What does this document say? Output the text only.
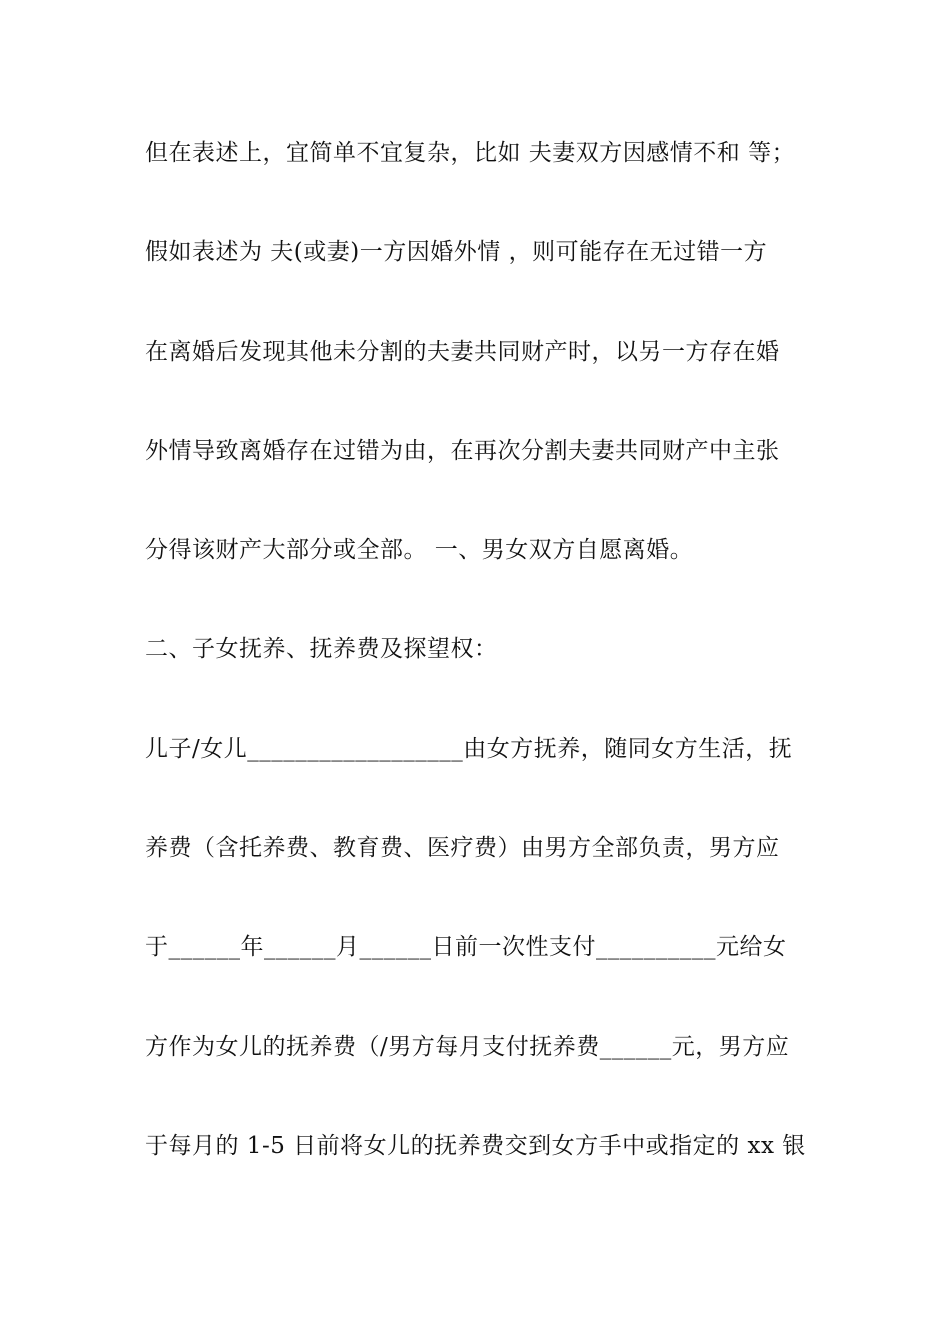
但在表述上，宜简单不宜复杂，比如 夫妻双方因感情不和 等；
假如表述为 夫(或妻)一方因婚外情 ，则可能存在无过错一方
在离婚后发现其他未分割的夫妻共同财产时，以另一方存在婚
外情导致离婚存在过错为由，在再次分割夫妻共同财产中主张
分得该财产大部分或全部。 一、男女双方自愿离婚。
二、子女抚养、抚养费及探望权：
儿子/女儿__________________由女方抚养，随同女方生活，抚
养费（含托养费、教育费、医疗费）由男方全部负责，男方应
于______年______月______日前一次性支付__________元给女
方作为女儿的抚养费（/男方每月支付抚养费______元，男方应
于每月的 1-5 日前将女儿的抚养费交到女方手中或指定的 xx 银
